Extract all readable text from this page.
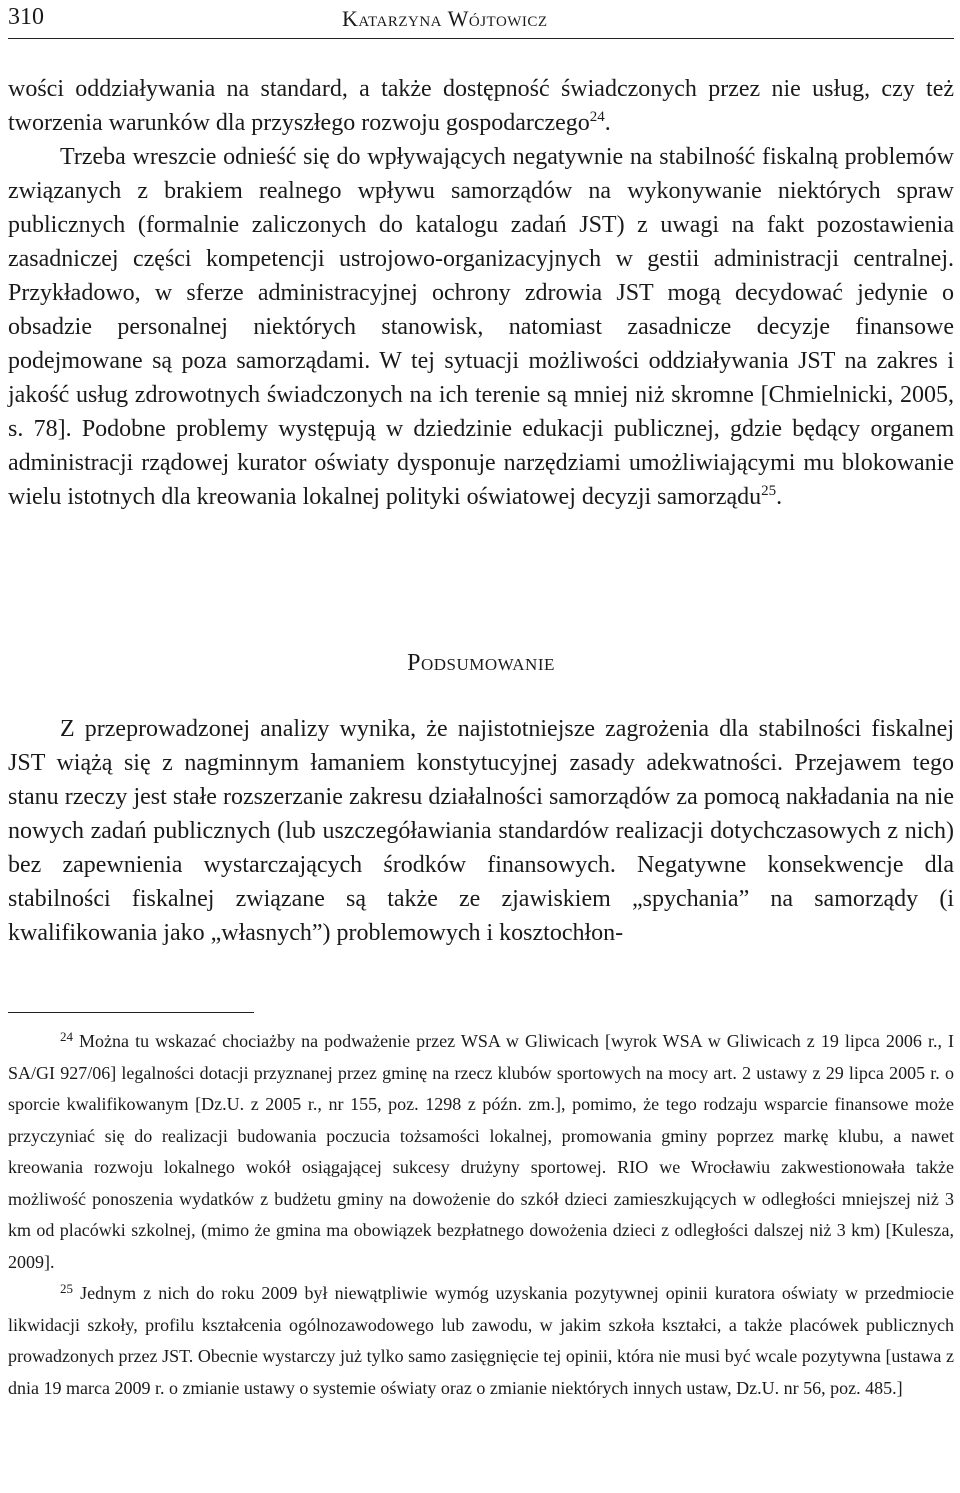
310	Katarzyna Wójtowicz

wości oddziaływania na standard, a także dostępność świadczonych przez nie usług, czy też tworzenia warunków dla przyszłego rozwoju gospodarczego$^{24}$.

Trzeba wreszcie odnieść się do wpływających negatywnie na stabilność fiskalną problemów związanych z brakiem realnego wpływu samorządów na wykonywanie niektórych spraw publicznych (formalnie zaliczonych do katalogu zadań JST) z uwagi na fakt pozostawienia zasadniczej części kompetencji ustrojowo-organizacyjnych w gestii administracji centralnej. Przykładowo, w sferze administracyjnej ochrony zdrowia JST mogą decydować jedynie o obsadzie personalnej niektórych stanowisk, natomiast zasadnicze decyzje finansowe podejmowane są poza samorządami. W tej sytuacji możliwości oddziaływania JST na zakres i jakość usług zdrowotnych świadczonych na ich terenie są mniej niż skromne [Chmielnicki, 2005, s. 78]. Podobne problemy występują w dziedzinie edukacji publicznej, gdzie będący organem administracji rządowej kurator oświaty dysponuje narzędziami umożliwiającymi mu blokowanie wielu istotnych dla kreowania lokalnej polityki oświatowej decyzji samorządu$^{25}$.

Podsumowanie

Z przeprowadzonej analizy wynika, że najistotniejsze zagrożenia dla stabilności fiskalnej JST wiążą się z nagminnym łamaniem konstytucyjnej zasady adekwatności. Przejawem tego stanu rzeczy jest stałe rozszerzanie zakresu działalności samorządów za pomocą nakładania na nie nowych zadań publicznych (lub uszczegóławiania standardów realizacji dotychczasowych z nich) bez zapewnienia wystarczających środków finansowych. Negatywne konsekwencje dla stabilności fiskalnej związane są także ze zjawiskiem „spychania” na samorządy (i kwalifikowania jako „własnych”) problemowych i kosztochłon-

$^{24}$ Można tu wskazać chociażby na podważenie przez WSA w Gliwicach [wyrok WSA w Gliwicach z 19 lipca 2006 r., I SA/GI 927/06] legalności dotacji przyznanej przez gminę na rzecz klubów sportowych na mocy art. 2 ustawy z 29 lipca 2005 r. o sporcie kwalifikowanym [Dz.U. z 2005 r., nr 155, poz. 1298 z późn. zm.], pomimo, że tego rodzaju wsparcie finansowe może przyczyniać się do realizacji budowania poczucia tożsamości lokalnej, promowania gminy poprzez markę klubu, a nawet kreowania rozwoju lokalnego wokół osiągającej sukcesy drużyny sportowej. RIO we Wrocławiu zakwestionowała także możliwość ponoszenia wydatków z budżetu gminy na dowożenie do szkół dzieci zamieszkujących w odległości mniejszej niż 3 km od placówki szkolnej, (mimo że gmina ma obowiązek bezpłatnego dowożenia dzieci z odległości dalszej niż 3 km) [Kulesza, 2009].

$^{25}$ Jednym z nich do roku 2009 był niewątpliwie wymóg uzyskania pozytywnej opinii kuratora oświaty w przedmiocie likwidacji szkoły, profilu kształcenia ogólnozawodowego lub zawodu, w jakim szkoła kształci, a także placówek publicznych prowadzonych przez JST. Obecnie wystarczy już tylko samo zasięgnięcie tej opinii, która nie musi być wcale pozytywna [ustawa z dnia 19 marca 2009 r. o zmianie ustawy o systemie oświaty oraz o zmianie niektórych innych ustaw, Dz.U. nr 56, poz. 485.]
